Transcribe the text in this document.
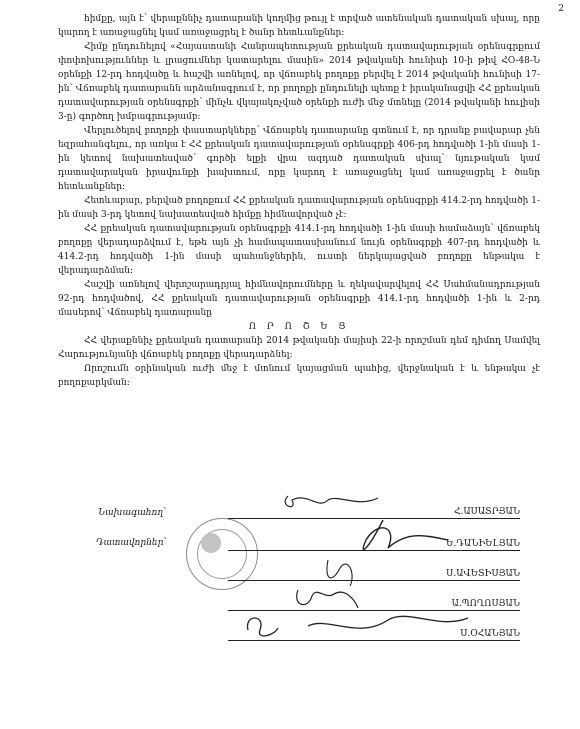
2

հիմքը, այն է՝ վերաքննիչ դատարանի կողմից թույլ է տրված ատենական դատական սխալ, որը կարող է առաջացնել կամ առաջացրել է ծանր հետևանքներ:

Հիմք ընդունելով «Հայաստանի Հանրապետության քրեական դատավարության օրենսգրքում փոփոխություններ և լրացումներ կատարելու մասին» 2014 թվականի հունիսի 10-ի թիվ ՀՕ-48-Ն օրենքի 12-րդ հոդվածը և հաշվի առնելով, որ վճռաբեկ բողոքը բերվել է 2014 թվականի հունիսի 17-ին՝ Վճռաբեկ դատարանն արձանագրում է, որ բողոքի ընդունելի պետք է իրականացվի ՀՀ քրեական դատավարության օրենսգրքի՝ մինչև վկայակոչված օրենքի ուժի մեջ մտնելը (2014 թվականի հուլիսի 3-ը) գործող խմբագրությամբ:

Վերլուծելով բողոքի փաստարկները՝ Վճռաբեկ դատարանը գտնում է, որ դրանք բավարար չեն եզրահանգելու, որ առկա է ՀՀ քրեական դատավարության օրենսգրքի 406-րդ հոդվածի 1-ին մասի 1-ին կետով նախատեսված՝ գործի ելքի վրա ազդած դատական սխալ՝ նյութական կամ դատավարական իրավունքի խախտում, որը կարող է առաջացնել կամ առաջացրել է ծանր հետևանքներ:

Հետևաբար, բերված բողոքում ՀՀ քրեական դատավարության օրենսգրքի 414.2-րդ հոդվածի 1-ին մասի 3-րդ կետով նախատեսված հիմքը հիմնավորված չէ:

ՀՀ քրեական դատավարության օրենսգրքի 414.1-րդ հոդվածի 1-ին մասի համաձայն՝ վճռաբեկ բողոքը վերադարձվում է, եթե այն չի համապատասխանում նույն օրենսգրքի 407-րդ հոդվածի և 414.2-րդ հոդվածի 1-ին մասի պահանջներին, ուստի ներկայացված բողոքը ենթակա է վերադարձման:

Հաշվի առնելով վերոշարադրյալ հիմնավորումները և ղեկավարվելով ՀՀ Սահմանադրության 92-րդ հոդվածով, ՀՀ քրեական դատավարության օրենսգրքի 414.1-րդ հոդվածի 1-ին և 2-րդ մասերով՝ Վճռաբեկ դատարանը

Ո Ր Ո Շ Ե Ց

ՀՀ վերաքննիչ քրեական դատարանի 2014 թվականի մայիսի 22-ի որոշման դեմ դիմող Սամվել Հարությունյանի վճռաբեկ բողոքը վերադարձնել:

Որոշումն օրինական ուժի մեջ է մտնում կայացման պահից, վերջնական է և ենթակա չէ բողոքարկման:

Նախագահող՝
Դատավորներ՝
Հ.ԱՍԱՏՐՅԱՆ
Ե.ԴԱՆԻԵԼՅԱՆ
Ս.ԱՎԵՏԻՍՅԱՆ
Ա.ՊՈՂՈՍՅԱՆ
Ս.ՕՀԱՆՅԱՆ
